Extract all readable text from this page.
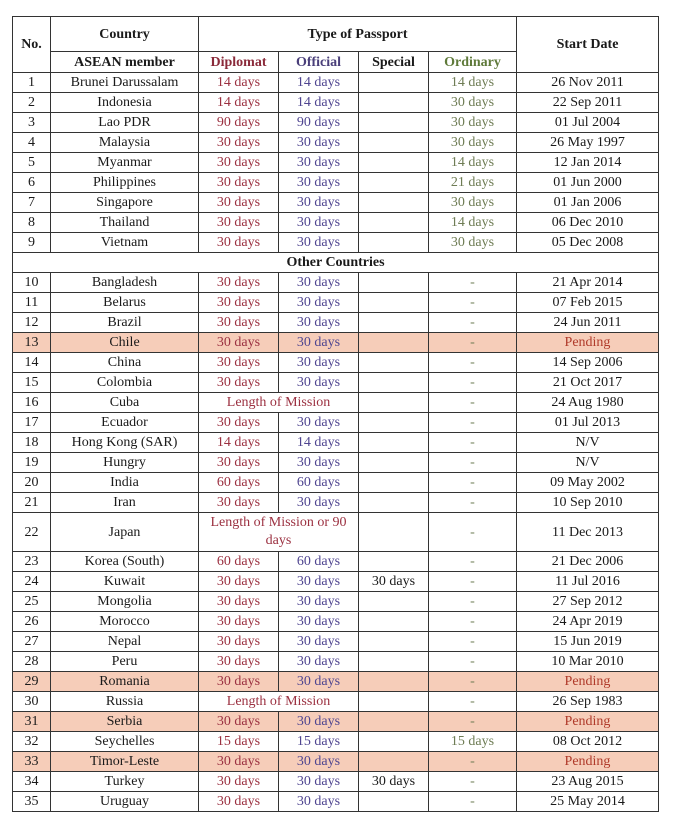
No.	Country	Type of Passport				Start Date
	ASEAN member	Diplomat	Official	Special	Ordinary	
1	Brunei Darussalam	14 days	14 days		14 days	26 Nov 2011
2	Indonesia	14 days	14 days		30 days	22 Sep 2011
3	Lao PDR	90 days	90 days		30 days	01 Jul 2004
4	Malaysia	30 days	30 days		30 days	26 May 1997
5	Myanmar	30 days	30 days		14 days	12 Jan 2014
6	Philippines	30 days	30 days		21 days	01 Jun 2000
7	Singapore	30 days	30 days		30 days	01 Jan 2006
8	Thailand	30 days	30 days		14 days	06 Dec 2010
9	Vietnam	30 days	30 days		30 days	05 Dec 2008
Other Countries						
10	Bangladesh	30 days	30 days		-	21 Apr 2014
11	Belarus	30 days	30 days		-	07 Feb 2015
12	Brazil	30 days	30 days		-	24 Jun 2011
13	Chile	30 days	30 days		-	Pending
14	China	30 days	30 days		-	14 Sep 2006
15	Colombia	30 days	30 days		-	21 Oct 2017
16	Cuba	Length of Mission			-	24 Aug 1980
17	Ecuador	30 days	30 days		-	01 Jul 2013
18	Hong Kong (SAR)	14 days	14 days		-	N/V
19	Hungry	30 days	30 days		-	N/V
20	India	60 days	60 days		-	09 May 2002
21	Iran	30 days	30 days		-	10 Sep 2010
22	Japan	Length of Mission or 90 days			-	11 Dec 2013
23	Korea (South)	60 days	60 days		-	21 Dec 2006
24	Kuwait	30 days	30 days	30 days	-	11 Jul 2016
25	Mongolia	30 days	30 days		-	27 Sep 2012
26	Morocco	30 days	30 days		-	24 Apr 2019
27	Nepal	30 days	30 days		-	15 Jun 2019
28	Peru	30 days	30 days		-	10 Mar 2010
29	Romania	30 days	30 days		-	Pending
30	Russia	Length of Mission			-	26 Sep 1983
31	Serbia	30 days	30 days		-	Pending
32	Seychelles	15 days	15 days		15 days	08 Oct 2012
33	Timor-Leste	30 days	30 days		-	Pending
34	Turkey	30 days	30 days	30 days	-	23 Aug 2015
35	Uruguay	30 days	30 days		-	25 May 2014
